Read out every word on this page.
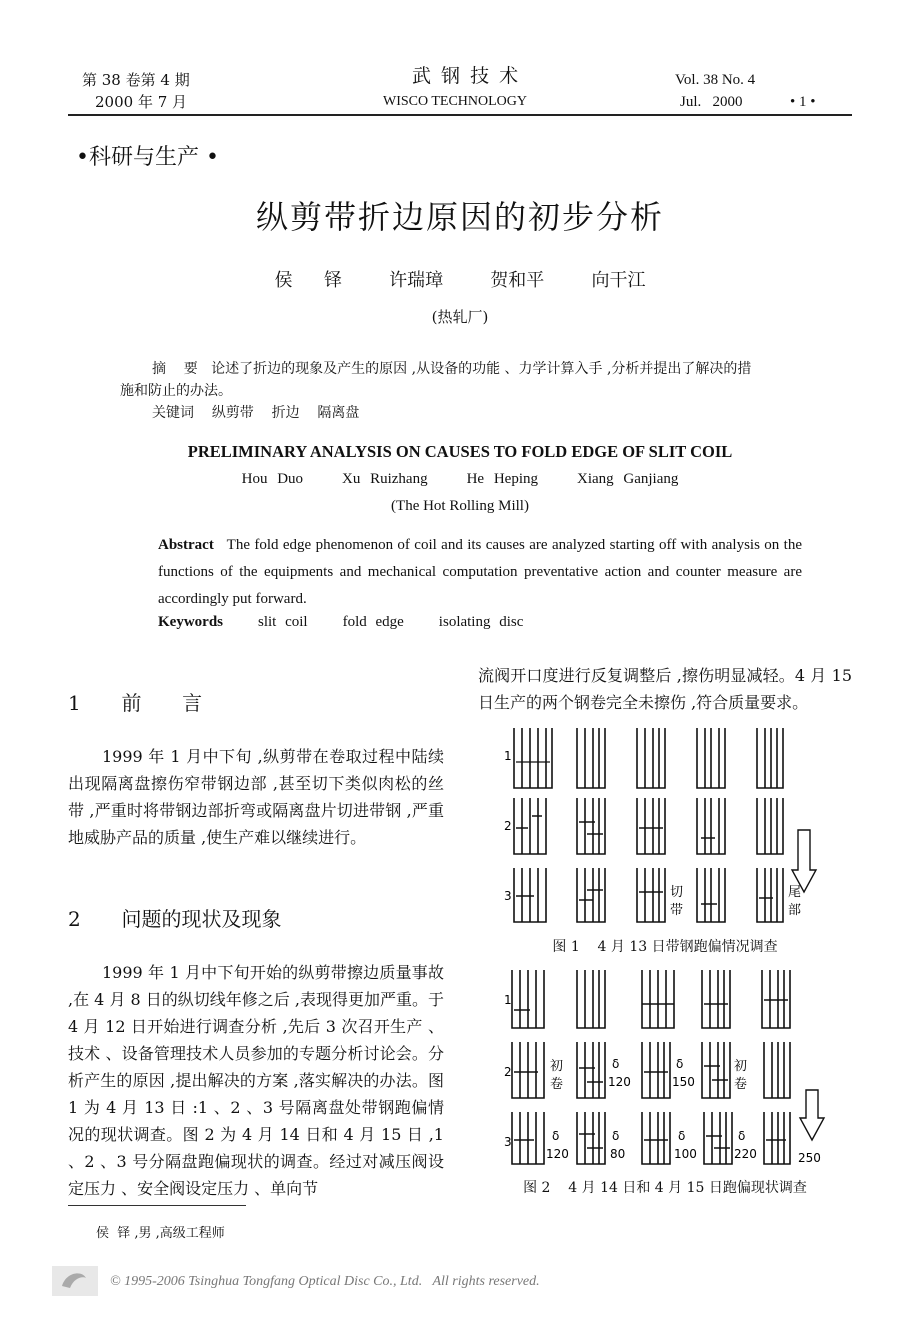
第 38 卷第 4 期
2000 年 7 月
武 钢 技 术
WISCO TECHNOLOGY
Vol. 38 No. 4
Jul.   2000	• 1 •
•科研与生产 •
纵剪带折边原因的初步分析
侯  铎   许瑞璋   贺和平   向干江
(热轧厂)
摘    要 论述了折边的现象及产生的原因 ,从设备的功能 、力学计算入手 ,分析并提出了解决的措
施和防止的办法。
关键词 纵剪带    折边    隔离盘
PRELIMINARY ANALYSIS ON CAUSES TO FOLD EDGE OF SLIT COIL
Hou Duo    Xu Ruizhang    He Heping    Xiang Ganjiang
(The Hot Rolling Mill)
Abstract The fold edge phenomenon of coil and its causes are analyzed starting off with analysis on the functions of the equipments and mechanical computation preventative action and counter measure are accordingly put forward.
Keywords slit coil    fold edge    isolating disc
1  前  言
1999 年 1 月中下旬 ,纵剪带在卷取过程中陆续出现隔离盘擦伤窄带钢边部 ,甚至切下类似肉松的丝带 ,严重时将带钢边部折弯或隔离盘片切进带钢 ,严重地威胁产品的质量 ,使生产难以继续进行。
2  问题的现状及现象
1999 年 1 月中下旬开始的纵剪带擦边质量事故 ,在 4 月 8 日的纵切线年修之后 ,表现得更加严重。于 4 月 12 日开始进行调查分析 ,先后 3 次召开生产 、技术 、设备管理技术人员参加的专题分析讨论会。分析产生的原因 ,提出解决的方案 ,落实解决的办法。图 1 为 4 月 13 日 :1 、2 、3 号隔离盘处带钢跑偏情况的现状调查。图 2 为 4 月 14 日和 4 月 15 日 ,1 、2 、3 号分隔盘跑偏现状的调查。经过对减压阀设定压力 、安全阀设定压力 、单向节
流阀开口度进行反复调整后 ,擦伤明显减轻。4 月 15 日生产的两个钢卷完全未擦伤 ,符合质量要求。
1
2
3	切
带
尾
部
图 1    4 月 13 日带钢跑偏情况调查
1
2
3
初
卷
δ
120
δ
150
初
卷
δ
120
δ
80
δ
100
δ
220	250
图 2    4 月 14 日和 4 月 15 日跑偏现状调查
侯  铎 ,男 ,高级工程师
© 1995-2006 Tsinghua Tongfang Optical Disc Co., Ltd.   All rights reserved.
